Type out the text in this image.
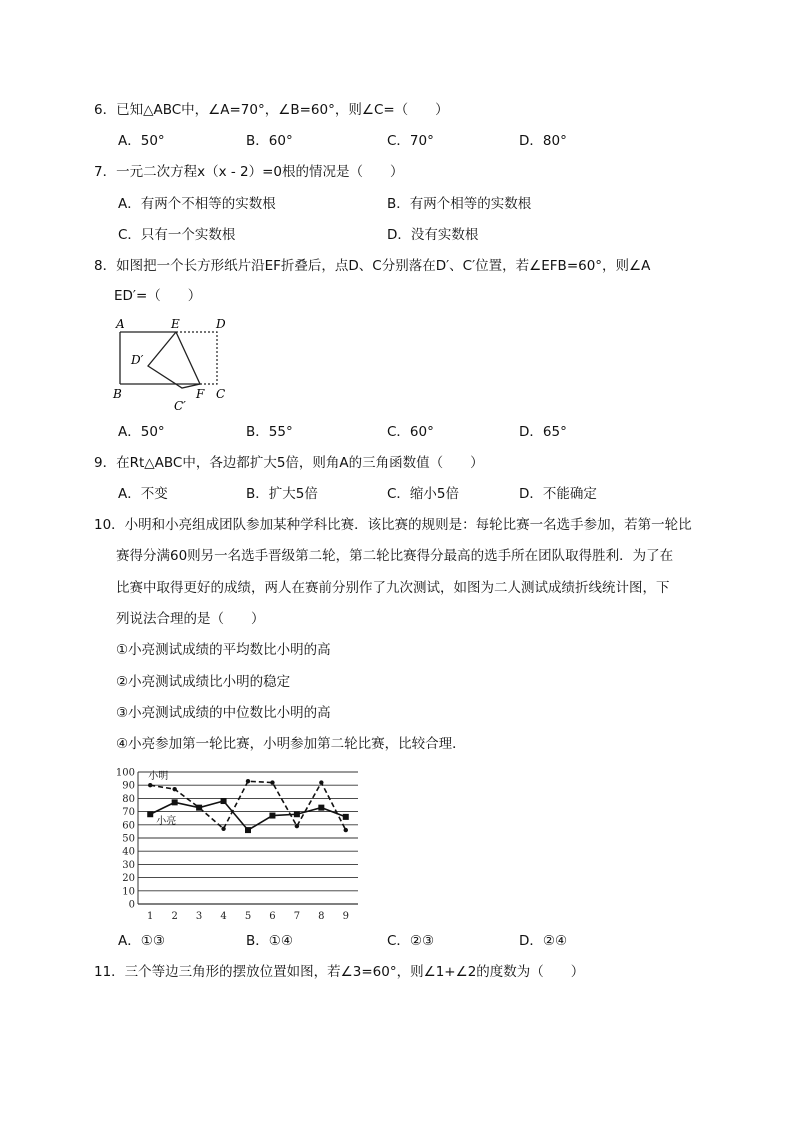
6．已知△ABC中，∠A=70°，∠B=60°，则∠C=（　　）
A．50°	B．60°	C．70°	D．80°
7．一元二次方程x（x - 2）=0根的情况是（　　）
A．有两个不相等的实数根	B．有两个相等的实数根
C．只有一个实数根	D．没有实数根
8．如图把一个长方形纸片沿EF折叠后，点D、C分别落在D′、C′位置，若∠EFB=60°，则∠A
ED′=（　　）
A	E	D
D′
B	F C
C′
A．50°	B．55°	C．60°	D．65°
9．在Rt△ABC中，各边都扩大5倍，则角A的三角函数值（　　）
A．不变	B．扩大5倍	C．缩小5倍	D．不能确定
10．小明和小亮组成团队参加某种学科比赛．该比赛的规则是：每轮比赛一名选手参加，若第一轮比
赛得分满60则另一名选手晋级第二轮，第二轮比赛得分最高的选手所在团队取得胜利．为了在
比赛中取得更好的成绩，两人在赛前分别作了九次测试，如图为二人测试成绩折线统计图，下
列说法合理的是（　　）
①小亮测试成绩的平均数比小明的高
②小亮测试成绩比小明的稳定
③小亮测试成绩的中位数比小明的高
④小亮参加第一轮比赛，小明参加第二轮比赛，比较合理．
0
10
20
30
40
50
60
70
80
90
100
1 2 3 4 5 6 7 8 9
小明
小亮
A．①③	B．①④	C．②③	D．②④
11．三个等边三角形的摆放位置如图，若∠3=60°，则∠1+∠2的度数为（　　）
